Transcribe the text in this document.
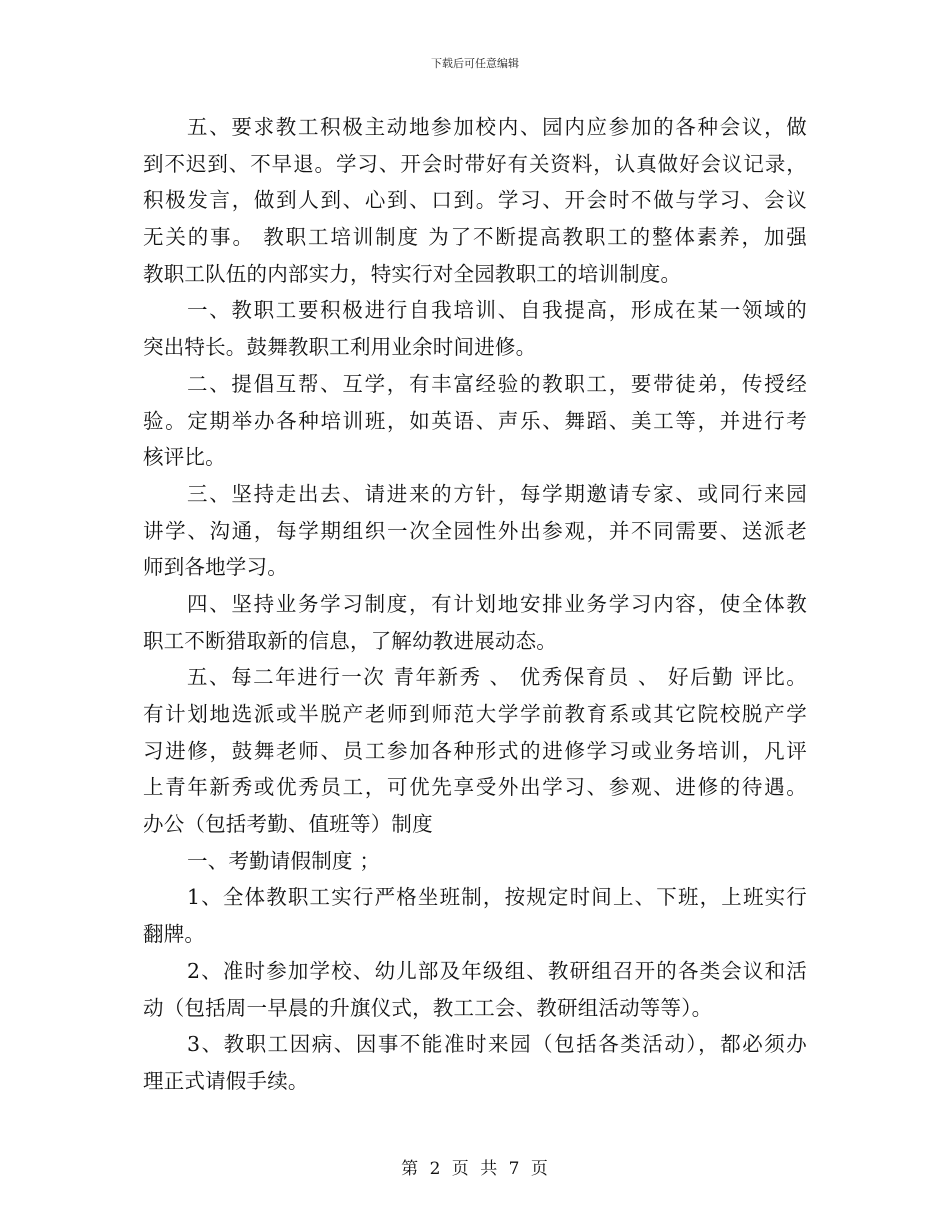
下载后可任意编辑
五、要求教工积极主动地参加校内、园内应参加的各种会议，做
到不迟到、不早退。学习、开会时带好有关资料，认真做好会议记录，
积极发言，做到人到、心到、口到。学习、开会时不做与学习、会议
无关的事。 教职工培训制度 为了不断提高教职工的整体素养，加强
教职工队伍的内部实力，特实行对全园教职工的培训制度。
一、教职工要积极进行自我培训、自我提高，形成在某一领域的
突出特长。鼓舞教职工利用业余时间进修。
二、提倡互帮、互学，有丰富经验的教职工，要带徒弟，传授经
验。定期举办各种培训班，如英语、声乐、舞蹈、美工等，并进行考
核评比。
三、坚持走出去、请进来的方针，每学期邀请专家、或同行来园
讲学、沟通，每学期组织一次全园性外出参观，并不同需要、送派老
师到各地学习。
四、坚持业务学习制度，有计划地安排业务学习内容，使全体教
职工不断猎取新的信息，了解幼教进展动态。
五、每二年进行一次 青年新秀 、 优秀保育员 、 好后勤 评比。
有计划地选派或半脱产老师到师范大学学前教育系或其它院校脱产学
习进修，鼓舞老师、员工参加各种形式的进修学习或业务培训，凡评
上青年新秀或优秀员工，可优先享受外出学习、参观、进修的待遇。
办公（包括考勤、值班等）制度
一、考勤请假制度 ；
1、全体教职工实行严格坐班制，按规定时间上、下班，上班实行
翻牌。
2、准时参加学校、幼儿部及年级组、教研组召开的各类会议和活
动（包括周一早晨的升旗仪式，教工工会、教研组活动等等）。
3、教职工因病、因事不能准时来园（包括各类活动），都必须办
理正式请假手续。
第 2 页 共 7 页
